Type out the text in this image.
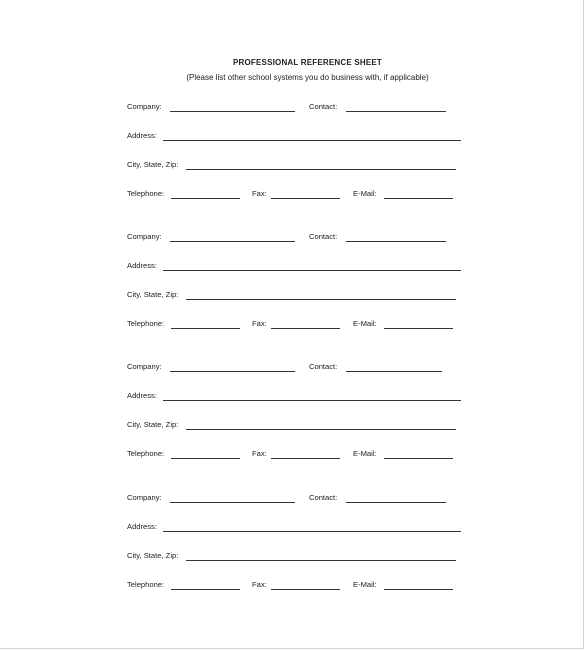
PROFESSIONAL REFERENCE SHEET
(Please list other school systems you do business with, if applicable)
Company:	Contact:
Address:
City, State, Zip:
Telephone:	Fax:	E-Mail:
Company:	Contact:
Address:
City, State, Zip:
Telephone:	Fax:	E-Mail:
Company:	Contact:
Address:
City, State, Zip:
Telephone:	Fax:	E-Mail:
Company:	Contact:
Address:
City, State, Zip:
Telephone:	Fax:	E-Mail:
